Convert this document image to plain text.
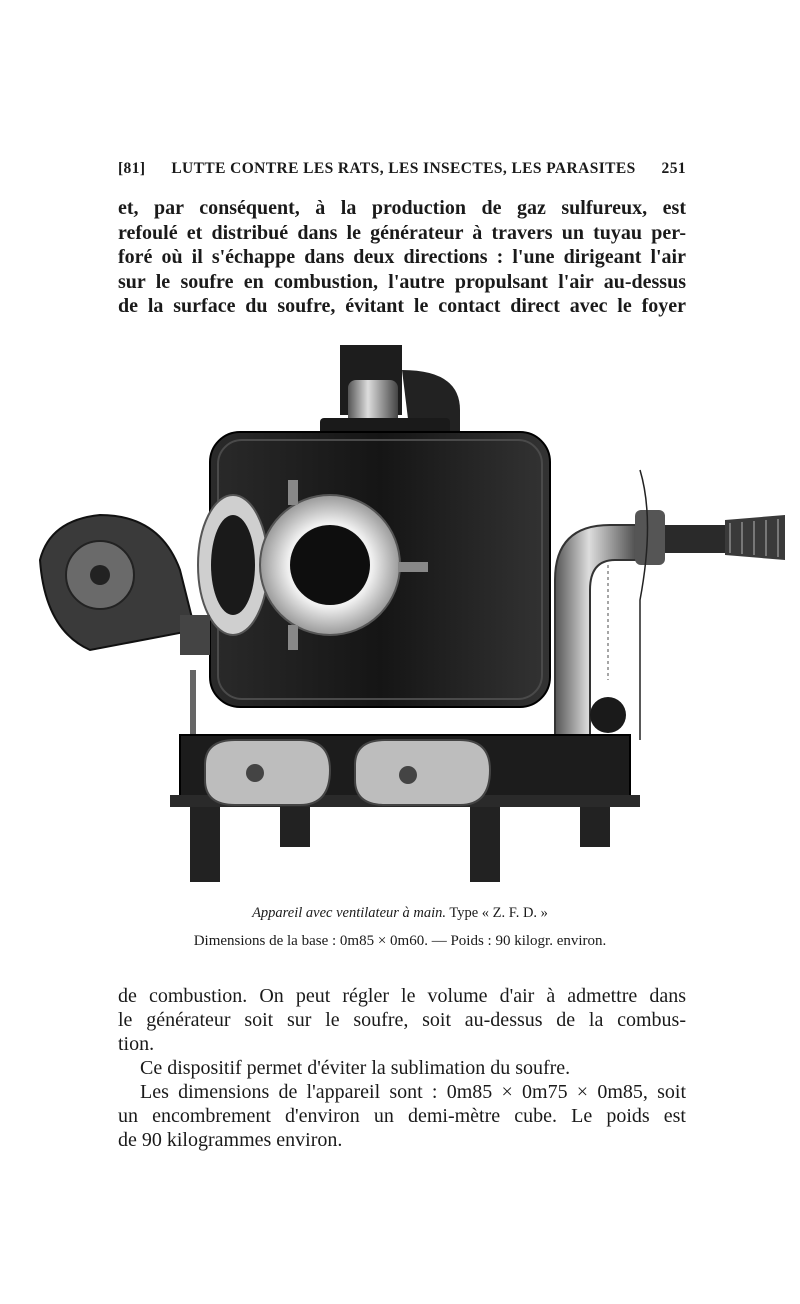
[81] LUTTE CONTRE LES RATS, LES INSECTES, LES PARASITES 251

et, par conséquent, à la production de gaz sulfureux, est
refoulé et distribué dans le générateur à travers un tuyau per-
foré où il s'échappe dans deux directions : l'une dirigeant l'air
sur le soufre en combustion, l'autre propulsant l'air au-dessus
de la surface du soufre, évitant le contact direct avec le foyer

Appareil avec ventilateur à main. Type « Z. F. D. »
Dimensions de la base : 0m85 × 0m60. — Poids : 90 kilogr. environ.

de combustion. On peut régler le volume d'air à admettre dans
le générateur soit sur le soufre, soit au-dessus de la combus-
tion.
Ce dispositif permet d'éviter la sublimation du soufre.
Les dimensions de l'appareil sont : 0m85 × 0m75 × 0m85, soit
un encombrement d'environ un demi-mètre cube. Le poids est
de 90 kilogrammes environ.
